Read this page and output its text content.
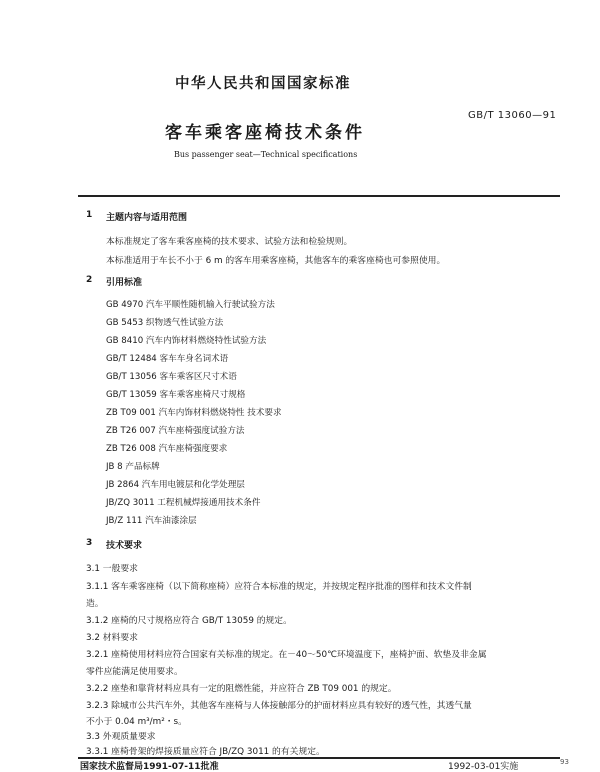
中华人民共和国国家标准
GB/T 13060—91
客车乘客座椅技术条件
Bus passenger seat—Technical specifications
1 主题内容与适用范围
本标准规定了客车乘客座椅的技术要求、试验方法和检验规则。
本标准适用于车长不小于 6 m 的客车用乘客座椅，其他客车的乘客座椅也可参照使用。
2 引用标准
GB 4970 汽车平顺性随机输入行驶试验方法
GB 5453 织物透气性试验方法
GB 8410 汽车内饰材料燃烧特性试验方法
GB/T 12484 客车车身名词术语
GB/T 13056 客车乘客区尺寸术语
GB/T 13059 客车乘客座椅尺寸规格
ZB T09 001 汽车内饰材料燃烧特性 技术要求
ZB T26 007 汽车座椅强度试验方法
ZB T26 008 汽车座椅强度要求
JB 8 产品标牌
JB 2864 汽车用电镀层和化学处理层
JB/ZQ 3011 工程机械焊接通用技术条件
JB/Z 111 汽车油漆涂层
3 技术要求
3.1 一般要求
3.1.1 客车乘客座椅（以下简称座椅）应符合本标准的规定，并按规定程序批准的图样和技术文件制
造。
3.1.2 座椅的尺寸规格应符合 GB/T 13059 的规定。
3.2 材料要求
3.2.1 座椅使用材料应符合国家有关标准的规定。在－40～50℃环境温度下，座椅护面、软垫及非金属
零件应能满足使用要求。
3.2.2 座垫和靠背材料应具有一定的阻燃性能，并应符合 ZB T09 001 的规定。
国家技术监督局1991-07-11批准	1992-03-01实施	93
3.2.3 除城市公共汽车外，其他客车座椅与人体接触部分的护面材料应具有较好的透气性，其透气量
不小于 0.04 m³/m²・s。
3.3 外观质量要求
3.3.1 座椅骨架的焊接质量应符合 JB/ZQ 3011 的有关规定。
